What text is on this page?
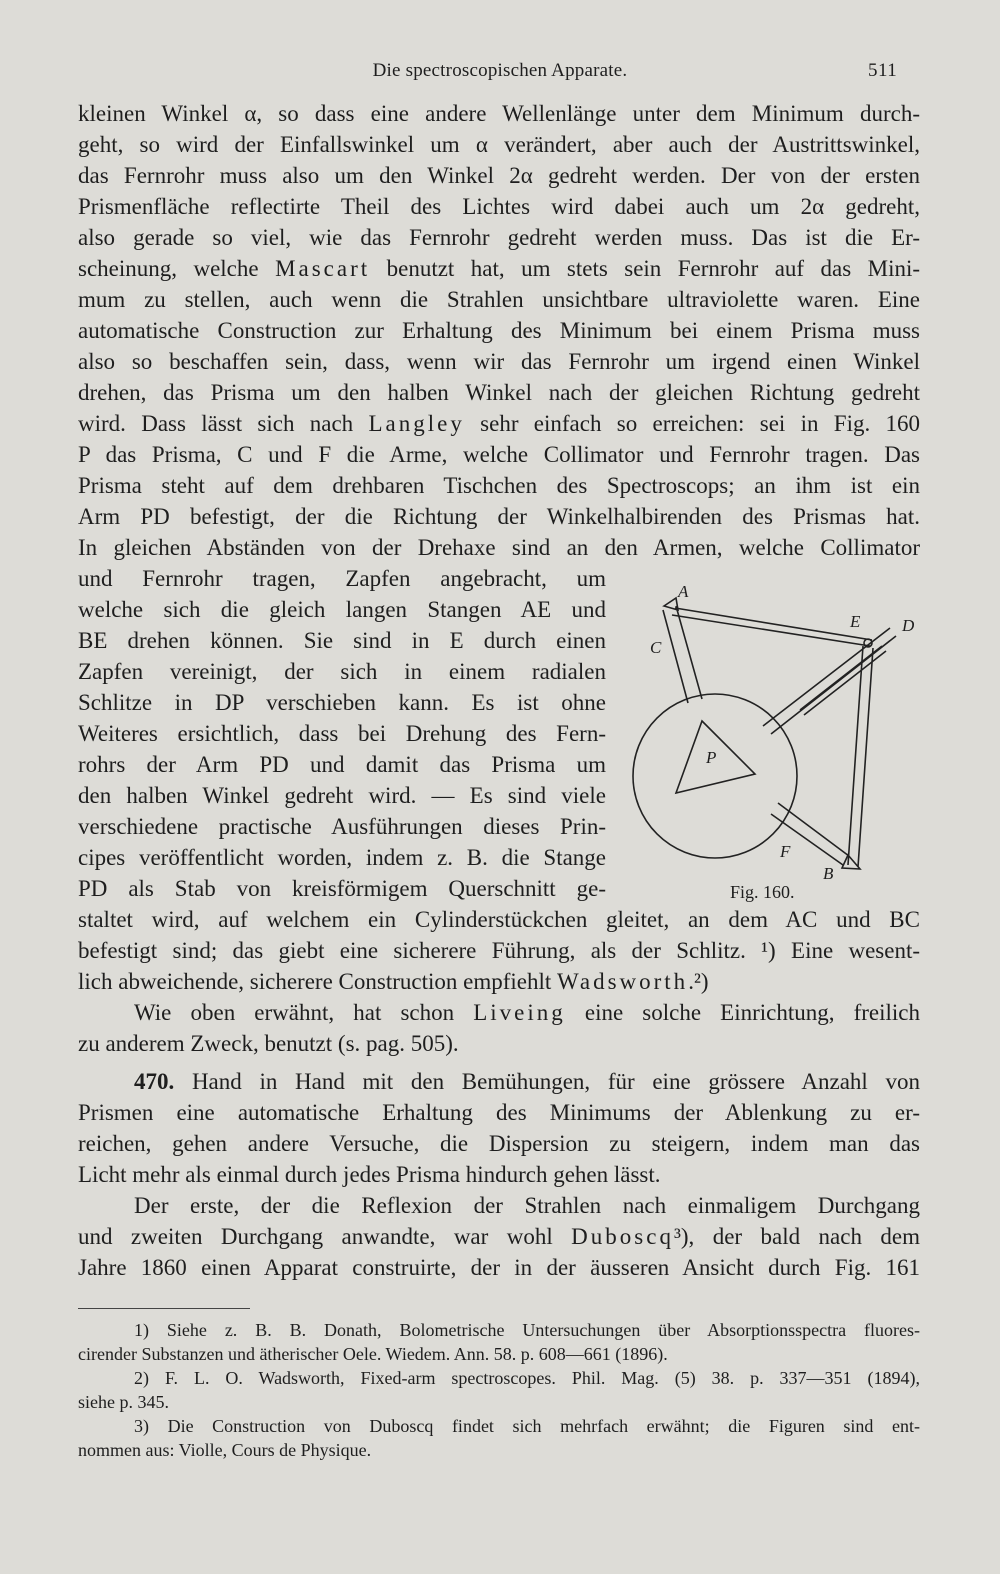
Die spectroscopischen Apparate.	511
kleinen Winkel α, so dass eine andere Wellenlänge unter dem Minimum durch-
geht, so wird der Einfallswinkel um α verändert, aber auch der Austrittswinkel,
das Fernrohr muss also um den Winkel 2α gedreht werden. Der von der ersten
Prismenfläche reflectirte Theil des Lichtes wird dabei auch um 2α gedreht,
also gerade so viel, wie das Fernrohr gedreht werden muss. Das ist die Er-
scheinung, welche Mascart benutzt hat, um stets sein Fernrohr auf das Mini-
mum zu stellen, auch wenn die Strahlen unsichtbare ultraviolette waren. Eine
automatische Construction zur Erhaltung des Minimum bei einem Prisma muss
also so beschaffen sein, dass, wenn wir das Fernrohr um irgend einen Winkel
drehen, das Prisma um den halben Winkel nach der gleichen Richtung gedreht
wird. Dass lässt sich nach Langley sehr einfach so erreichen: sei in Fig. 160
P das Prisma, C und F die Arme, welche Collimator und Fernrohr tragen. Das
Prisma steht auf dem drehbaren Tischchen des Spectroscops; an ihm ist ein
Arm PD befestigt, der die Richtung der Winkelhalbirenden des Prismas hat.
In gleichen Abständen von der Drehaxe sind an den Armen, welche Collimator
und Fernrohr tragen, Zapfen angebracht, um
welche sich die gleich langen Stangen AE und
BE drehen können. Sie sind in E durch einen
Zapfen vereinigt, der sich in einem radialen
Schlitze in DP verschieben kann. Es ist ohne
Weiteres ersichtlich, dass bei Drehung des Fern-
rohrs der Arm PD und damit das Prisma um
den halben Winkel gedreht wird. — Es sind viele
verschiedene practische Ausführungen dieses Prin-
cipes veröffentlicht worden, indem z. B. die Stange
PD als Stab von kreisförmigem Querschnitt ge-
staltet wird, auf welchem ein Cylinderstückchen gleitet, an dem AC und BC
befestigt sind; das giebt eine sicherere Führung, als der Schlitz. ¹) Eine wesent-
lich abweichende, sicherere Construction empfiehlt Wadsworth.²)
Wie oben erwähnt, hat schon Liveing eine solche Einrichtung, freilich
zu anderem Zweck, benutzt (s. pag. 505).
470. Hand in Hand mit den Bemühungen, für eine grössere Anzahl von
Prismen eine automatische Erhaltung des Minimums der Ablenkung zu er-
reichen, gehen andere Versuche, die Dispersion zu steigern, indem man das
Licht mehr als einmal durch jedes Prisma hindurch gehen lässt.
Der erste, der die Reflexion der Strahlen nach einmaligem Durchgang
und zweiten Durchgang anwandte, war wohl Duboscq³), der bald nach dem
Jahre 1860 einen Apparat construirte, der in der äusseren Ansicht durch Fig. 161
A
C
E D
P
F
B
Fig. 160.
1) Siehe z. B. B. Donath, Bolometrische Untersuchungen über Absorptionsspectra fluores-
cirender Substanzen und ätherischer Oele. Wiedem. Ann. 58. p. 608—661 (1896).
2) F. L. O. Wadsworth, Fixed-arm spectroscopes. Phil. Mag. (5) 38. p. 337—351 (1894),
siehe p. 345.
3) Die Construction von Duboscq findet sich mehrfach erwähnt; die Figuren sind ent-
nommen aus: Violle, Cours de Physique.
